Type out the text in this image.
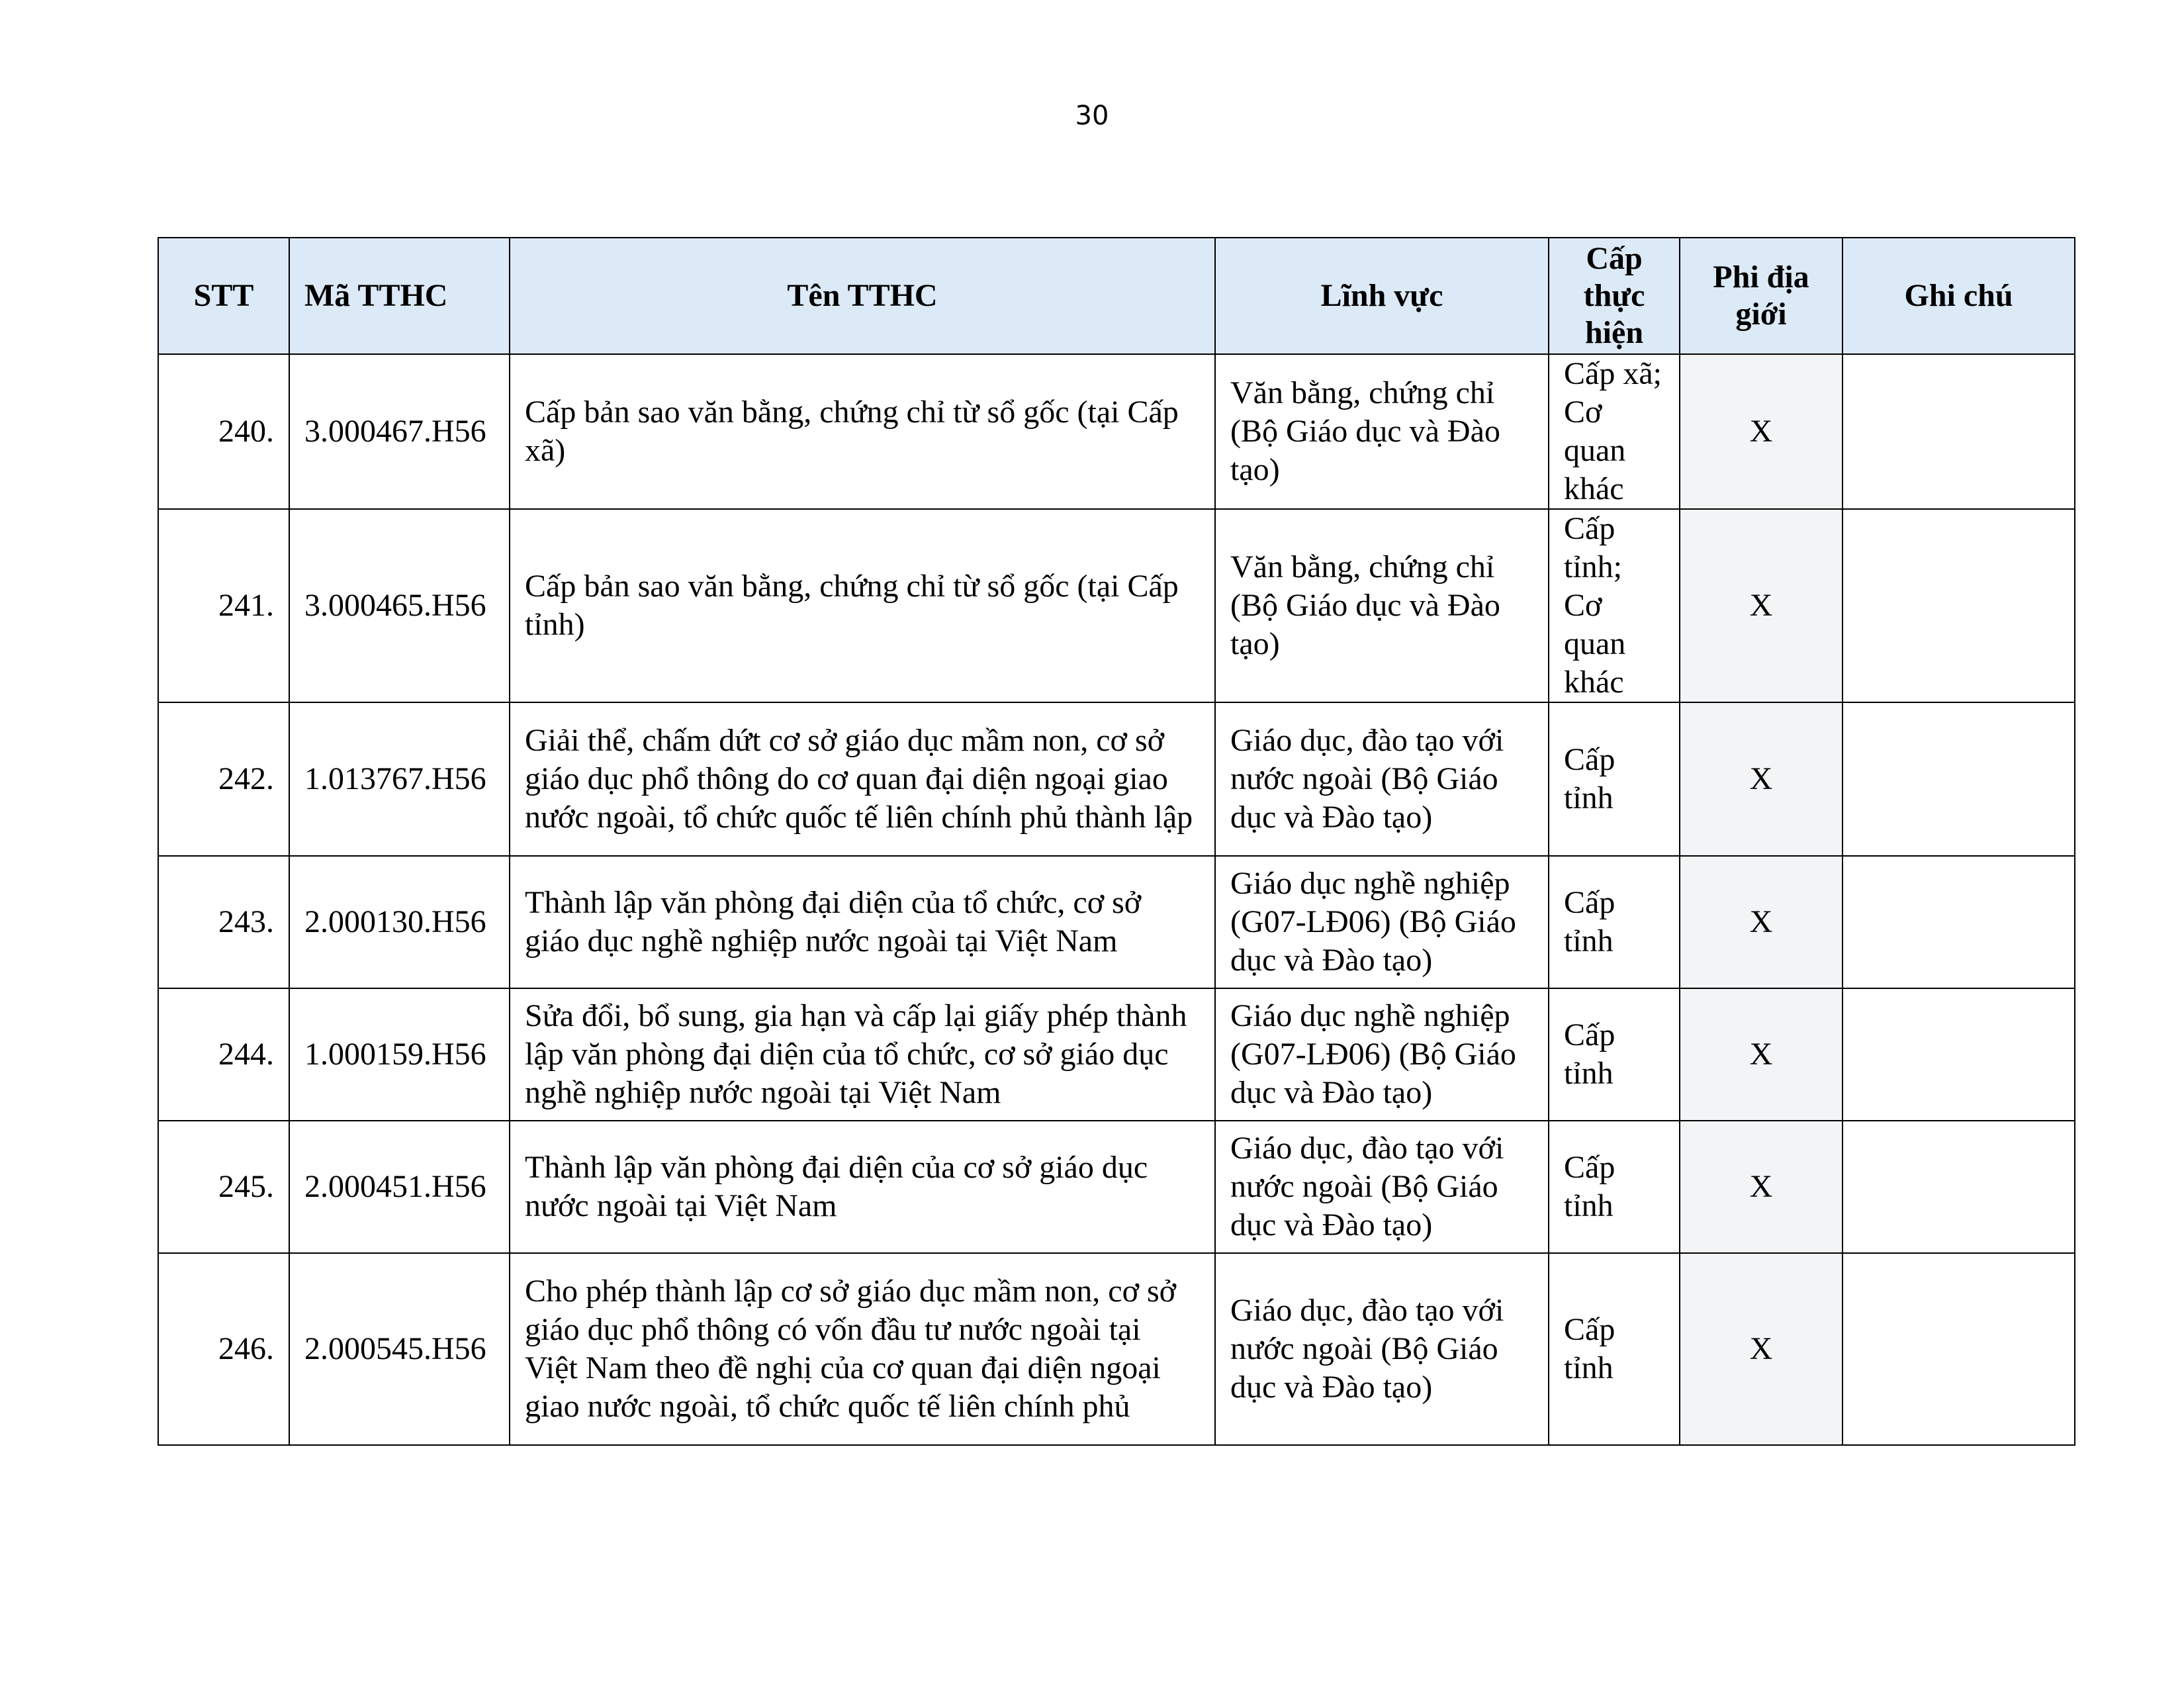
30
STT	Mã TTHC	Tên TTHC	Lĩnh vực	Cấp thực hiện	Phi địa giới	Ghi chú
240.	3.000467.H56	Cấp bản sao văn bằng, chứng chỉ từ sổ gốc (tại Cấp xã)	Văn bằng, chứng chỉ (Bộ Giáo dục và Đào tạo)	Cấp xã; Cơ quan khác	X	
241.	3.000465.H56	Cấp bản sao văn bằng, chứng chỉ từ sổ gốc (tại Cấp tỉnh)	Văn bằng, chứng chỉ (Bộ Giáo dục và Đào tạo)	Cấp tỉnh; Cơ quan khác	X	
242.	1.013767.H56	Giải thể, chấm dứt cơ sở giáo dục mầm non, cơ sở giáo dục phổ thông do cơ quan đại diện ngoại giao nước ngoài, tổ chức quốc tế liên chính phủ thành lập	Giáo dục, đào tạo với nước ngoài (Bộ Giáo dục và Đào tạo)	Cấp tỉnh	X	
243.	2.000130.H56	Thành lập văn phòng đại diện của tổ chức, cơ sở giáo dục nghề nghiệp nước ngoài tại Việt Nam	Giáo dục nghề nghiệp (G07-LĐ06) (Bộ Giáo dục và Đào tạo)	Cấp tỉnh	X	
244.	1.000159.H56	Sửa đổi, bổ sung, gia hạn và cấp lại giấy phép thành lập văn phòng đại diện của tổ chức, cơ sở giáo dục nghề nghiệp nước ngoài tại Việt Nam	Giáo dục nghề nghiệp (G07-LĐ06) (Bộ Giáo dục và Đào tạo)	Cấp tỉnh	X	
245.	2.000451.H56	Thành lập văn phòng đại diện của cơ sở giáo dục nước ngoài tại Việt Nam	Giáo dục, đào tạo với nước ngoài (Bộ Giáo dục và Đào tạo)	Cấp tỉnh	X	
246.	2.000545.H56	Cho phép thành lập cơ sở giáo dục mầm non, cơ sở giáo dục phổ thông có vốn đầu tư nước ngoài tại Việt Nam theo đề nghị của cơ quan đại diện ngoại giao nước ngoài, tổ chức quốc tế liên chính phủ	Giáo dục, đào tạo với nước ngoài (Bộ Giáo dục và Đào tạo)	Cấp tỉnh	X	
